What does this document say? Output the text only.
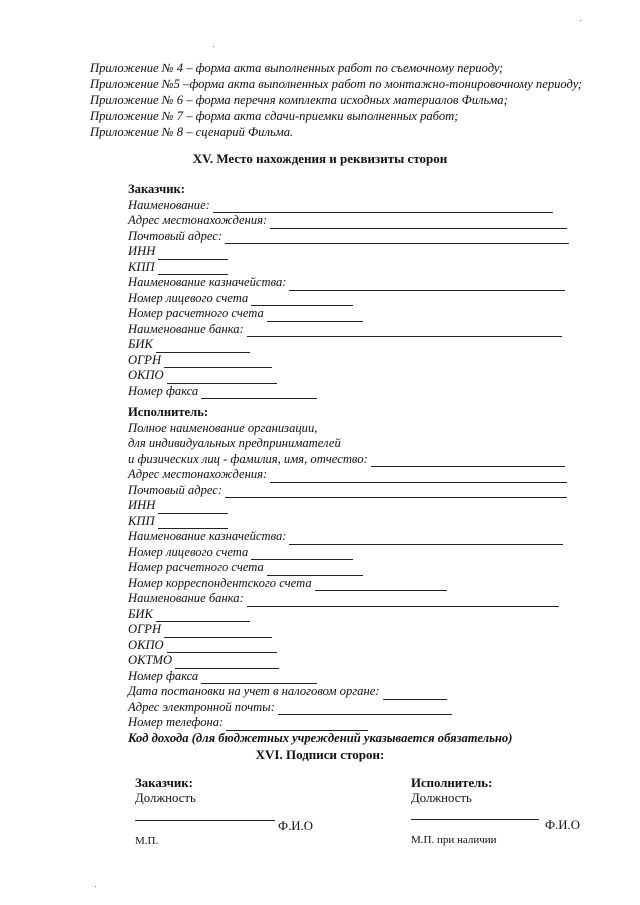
Приложение № 4 – форма акта выполненных работ по съемочному периоду;
Приложение №5 –форма акта выполненных работ по монтажно-тонировочному периоду;
Приложение № 6 – форма перечня комплекта исходных материалов Фильма;
Приложение № 7 – форма акта сдачи-приемки выполненных работ;
Приложение № 8 – сценарий Фильма.
XV. Место нахождения и реквизиты сторон
Заказчик:
Наименование:
Адрес местонахождения:
Почтовый адрес:
ИНН
КПП
Наименование казначейства:
Номер лицевого счета
Номер расчетного счета
Наименование банка:
БИК
ОГРН
ОКПО
Номер факса
Исполнитель:
Полное наименование организации,
для индивидуальных предпринимателей
и физических лиц - фамилия, имя, отчество:
Адрес местонахождения:
Почтовый адрес:
ИНН
КПП
Наименование казначейства:
Номер лицевого счета
Номер расчетного счета
Номер корреспондентского счета
Наименование банка:
БИК
ОГРН
ОКПО
ОКТМО
Номер факса
Дата постановки на учет в налоговом органе:
Адрес электронной почты:
Номер телефона:
Код дохода (для бюджетных учреждений указывается обязательно)
XVI. Подписи сторон:
Заказчик:
Должность
Ф.И.О
М.П.
Исполнитель:
Должность
Ф.И.О
М.П. при наличии
